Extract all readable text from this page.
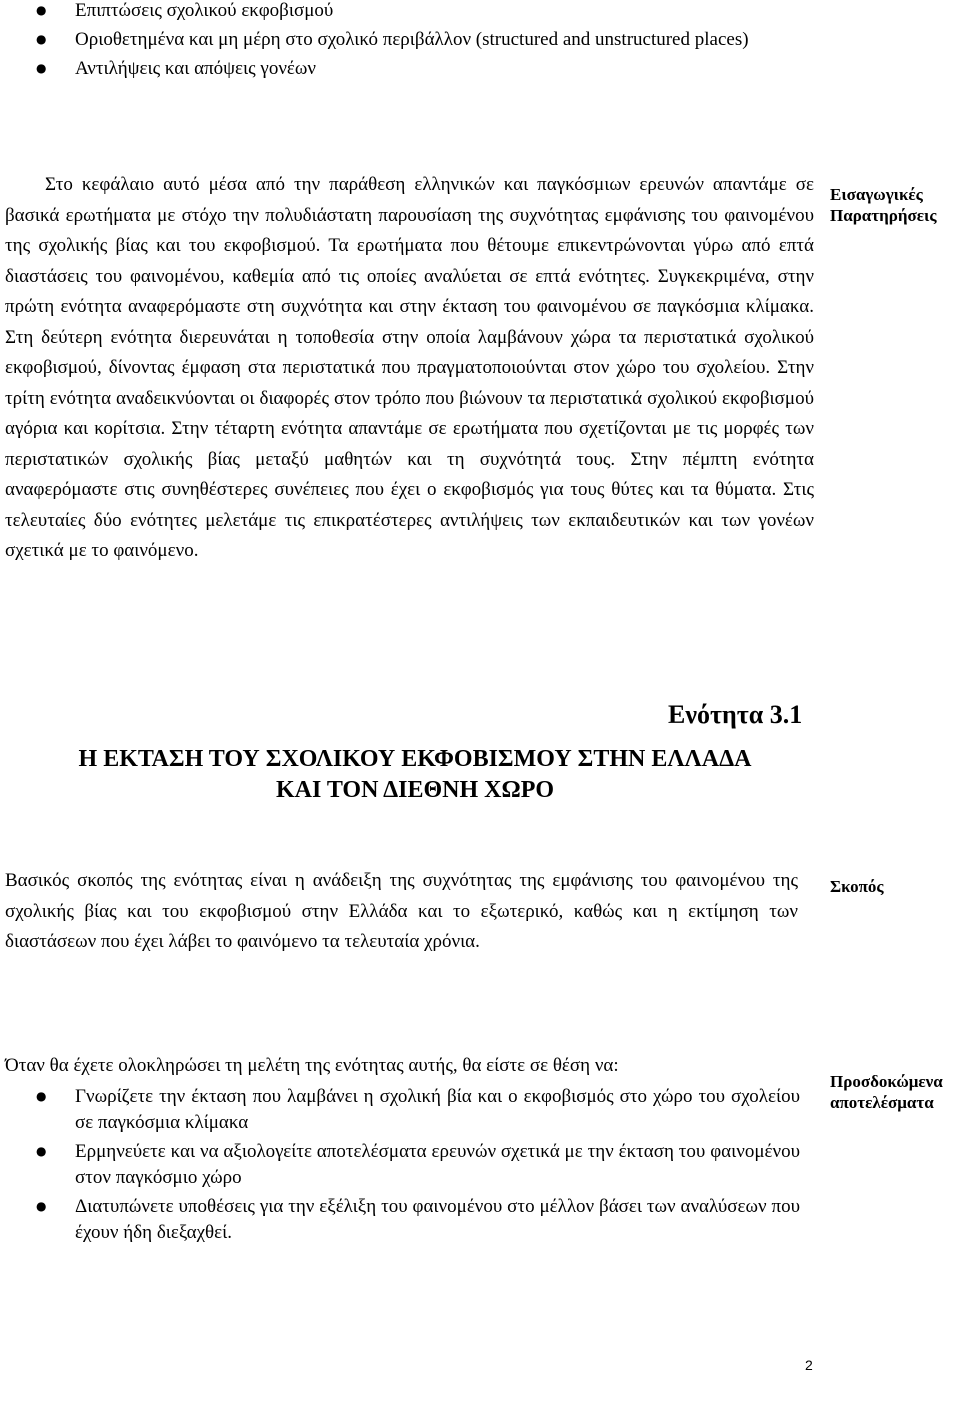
● Επιπτώσεις σχολικού εκφοβισμού
● Οριοθετημένα και μη μέρη στο σχολικό περιβάλλον (structured and unstructured places)
● Αντιλήψεις και απόψεις γονέων
Στο κεφάλαιο αυτό μέσα από την παράθεση ελληνικών και παγκόσμιων ερευνών απαντάμε σε βασικά ερωτήματα με στόχο την πολυδιάστατη παρουσίαση της συχνότητας εμφάνισης του φαινομένου της σχολικής βίας και του εκφοβισμού. Τα ερωτήματα που θέτουμε επικεντρώνονται γύρω από επτά διαστάσεις του φαινομένου, καθεμία από τις οποίες αναλύεται σε επτά ενότητες. Συγκεκριμένα, στην πρώτη ενότητα αναφερόμαστε στη συχνότητα και στην έκταση του φαινομένου σε παγκόσμια κλίμακα. Στη δεύτερη ενότητα διερευνάται η τοποθεσία στην οποία λαμβάνουν χώρα τα περιστατικά σχολικού εκφοβισμού, δίνοντας έμφαση στα περιστατικά που πραγματοποιούνται στον χώρο του σχολείου. Στην τρίτη ενότητα αναδεικνύονται οι διαφορές στον τρόπο που βιώνουν τα περιστατικά σχολικού εκφοβισμού αγόρια και κορίτσια. Στην τέταρτη ενότητα απαντάμε σε ερωτήματα που σχετίζονται με τις μορφές των περιστατικών σχολικής βίας μεταξύ μαθητών και τη συχνότητά τους. Στην πέμπτη ενότητα αναφερόμαστε στις συνηθέστερες συνέπειες που έχει ο εκφοβισμός για τους θύτες και τα θύματα. Στις τελευταίες δύο ενότητες μελετάμε τις επικρατέστερες αντιλήψεις των εκπαιδευτικών και των γονέων σχετικά με το φαινόμενο.
Εισαγωγικές
Παρατηρήσεις
Ενότητα 3.1
Η ΕΚΤΑΣΗ ΤΟΥ ΣΧΟΛΙΚΟΥ ΕΚΦΟΒΙΣΜΟΥ ΣΤΗΝ ΕΛΛΑΔΑ
ΚΑΙ ΤΟΝ ΔΙΕΘΝΗ ΧΩΡΟ
Βασικός σκοπός της ενότητας είναι η ανάδειξη της συχνότητας της εμφάνισης του φαινομένου της σχολικής βίας και του εκφοβισμού στην Ελλάδα και το εξωτερικό, καθώς και η εκτίμηση των διαστάσεων που έχει λάβει το φαινόμενο τα τελευταία χρόνια.
Σκοπός
Όταν θα έχετε ολοκληρώσει τη μελέτη της ενότητας αυτής, θα είστε σε θέση να:
Προσδοκώμενα
αποτελέσματα
● Γνωρίζετε την έκταση που λαμβάνει η σχολική βία και ο εκφοβισμός στο χώρο του σχολείου σε παγκόσμια κλίμακα
● Ερμηνεύετε και να αξιολογείτε αποτελέσματα ερευνών σχετικά με την έκταση του φαινομένου στον παγκόσμιο χώρο
● Διατυπώνετε υποθέσεις για την εξέλιξη του φαινομένου στο μέλλον βάσει των αναλύσεων που έχουν ήδη διεξαχθεί.
2
